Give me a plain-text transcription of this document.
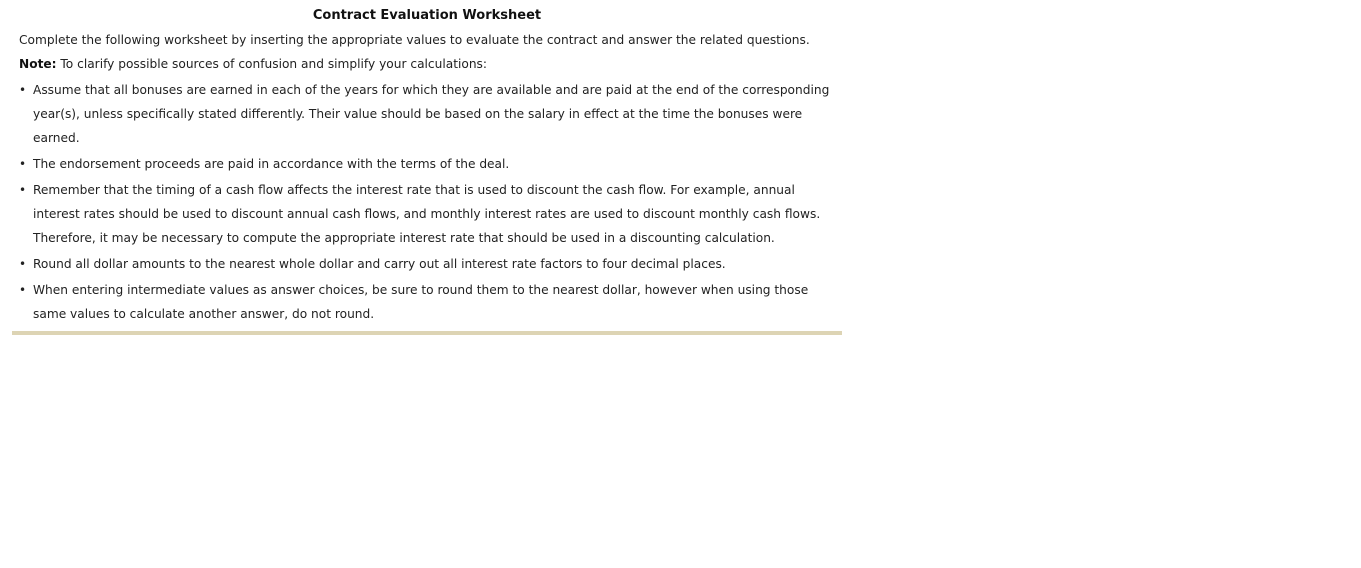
Contract Evaluation Worksheet
Complete the following worksheet by inserting the appropriate values to evaluate the contract and answer the related questions.
Note: To clarify possible sources of confusion and simplify your calculations:
• Assume that all bonuses are earned in each of the years for which they are available and are paid at the end of the corresponding year(s), unless specifically stated differently. Their value should be based on the salary in effect at the time the bonuses were earned.
• The endorsement proceeds are paid in accordance with the terms of the deal.
• Remember that the timing of a cash flow affects the interest rate that is used to discount the cash flow. For example, annual interest rates should be used to discount annual cash flows, and monthly interest rates are used to discount monthly cash flows. Therefore, it may be necessary to compute the appropriate interest rate that should be used in a discounting calculation.
• Round all dollar amounts to the nearest whole dollar and carry out all interest rate factors to four decimal places.
• When entering intermediate values as answer choices, be sure to round them to the nearest dollar, however when using those same values to calculate another answer, do not round.
